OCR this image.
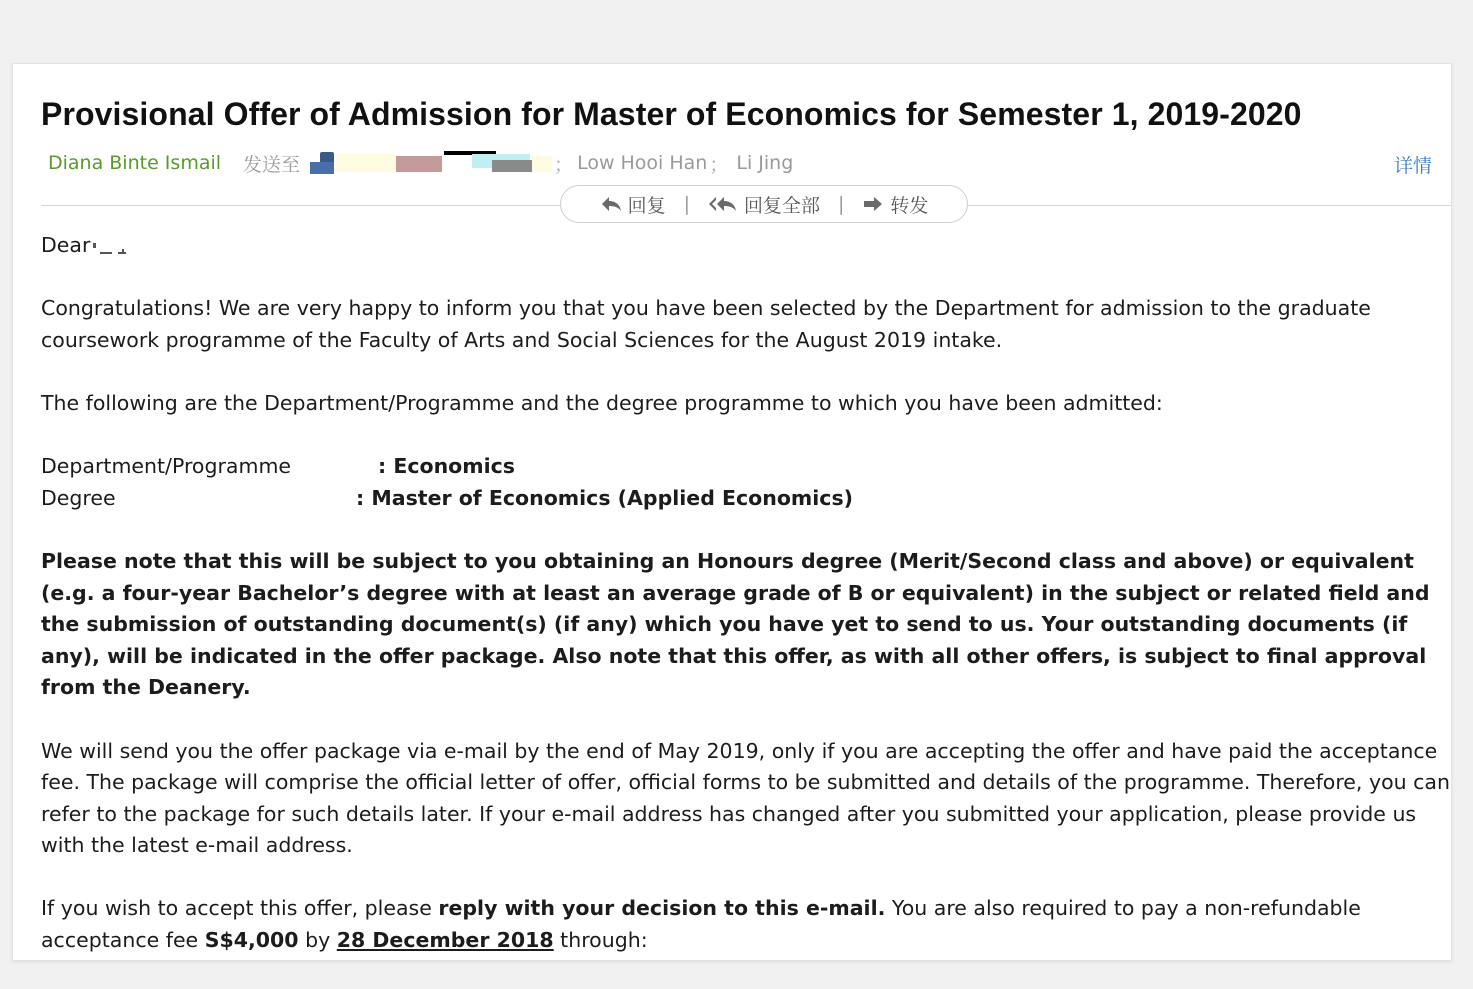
Provisional Offer of Admission for Master of Economics for Semester 1, 2019-2020
Diana Binte Ismail 发送至	； Low Hooi Han ； Li Jing	详情
回复 |	回复全部 | 转发

Dear

Congratulations! We are very happy to inform you that you have been selected by the Department for admission to the graduate coursework programme of the Faculty of Arts and Social Sciences for the August 2019 intake.

The following are the Department/Programme and the degree programme to which you have been admitted:

Department/Programme	: Economics
Degree	: Master of Economics (Applied Economics)

Please note that this will be subject to you obtaining an Honours degree (Merit/Second class and above) or equivalent (e.g. a four-year Bachelor’s degree with at least an average grade of B or equivalent) in the subject or related field and the submission of outstanding document(s) (if any) which you have yet to send to us. Your outstanding documents (if any), will be indicated in the offer package. Also note that this offer, as with all other offers, is subject to final approval from the Deanery.

We will send you the offer package via e-mail by the end of May 2019, only if you are accepting the offer and have paid the acceptance fee. The package will comprise the official letter of offer, official forms to be submitted and details of the programme. Therefore, you can refer to the package for such details later. If your e-mail address has changed after you submitted your application, please provide us with the latest e-mail address.

If you wish to accept this offer, please reply with your decision to this e-mail. You are also required to pay a non-refundable acceptance fee S$4,000 by 28 December 2018 through:
